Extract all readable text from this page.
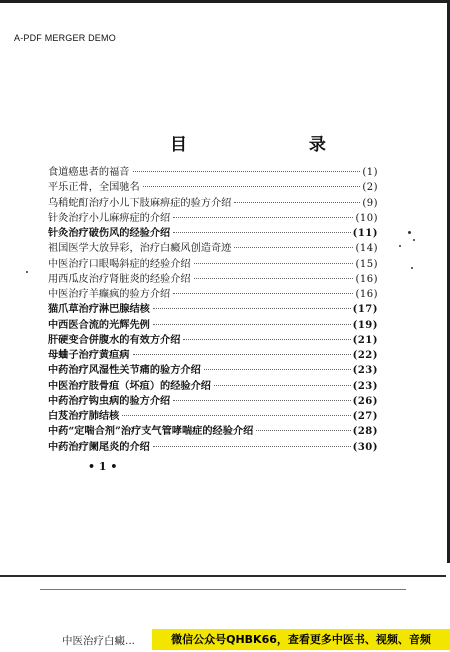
A-PDF MERGER DEMO
目 录
食道癌患者的福音	(1)
平乐正骨，全国驰名	(2)
乌稍蛇酊治疗小儿下肢麻痹症的验方介绍	(9)
针灸治疗小儿麻痹症的介绍	(10)
针灸治疗破伤风的经验介绍	(11)
祖国医学大放异彩，治疗白癜风创造奇迹	(14)
中医治疗口眼喝斜症的经验介绍	(15)
用西瓜皮治疗肾脏炎的经验介绍	(16)
中医治疗羊癫疯的验方介绍	(16)
猫爪草治疗淋巴腺结核	(17)
中西医合流的光辉先例	(19)
肝硬变合併腹水的有效方介绍	(21)
母蛐子治疗黄疸病	(22)
中药治疗风湿性关节痛的验方介绍	(23)
中医治疗肢骨疽（坏疽）的经验介绍	(23)
中药治疗钩虫病的验方介绍	(26)
白芨治疗肺结核	(27)
中药“定喘合剂”治疗支气管哮喘症的经验介绍	(28)
中药治疗阑尾炎的介绍	(30)
• 1 •
中医治疗白癜...	微信公众号QHBK66，查看更多中医书、视频、音频
